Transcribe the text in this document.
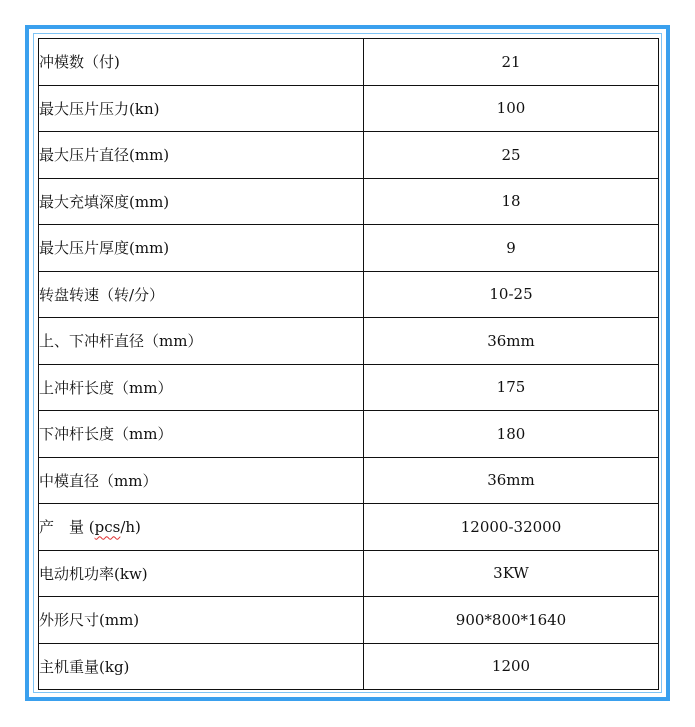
冲模数（付)	21
最大压片压力(kn)	100
最大压片直径(mm)	25
最大充填深度(mm)	18
最大压片厚度(mm)	9
转盘转速（转/分）	10-25
上、下冲杆直径（mm）	36mm
上冲杆长度（mm）	175
下冲杆长度（mm）	180
中模直径（mm）	36mm
产　量 (pcs/h)	12000-32000
电动机功率(kw)	3KW
外形尺寸(mm)	900*800*1640
主机重量(kg)	1200
